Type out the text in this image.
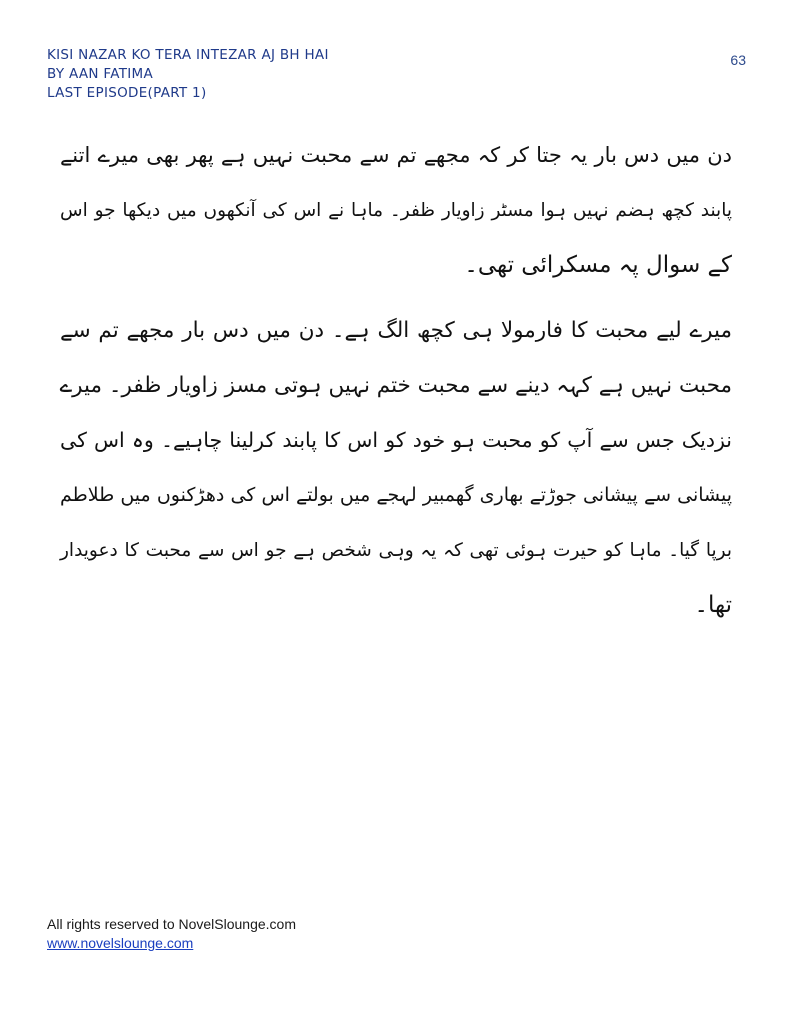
KISI NAZAR KO TERA INTEZAR AJ BH HAI
BY AAN FATIMA
LAST EPISODE(PART 1)
63

دن میں دس بار یہ جتا کر کہ مجھے تم سے محبت نہیں ہے پھر بھی میرے اتنے
پابند کچھ ہضم نہیں ہوا مسٹر زاویار ظفر۔ ماہا نے اس کی آنکھوں میں دیکھا جو اس
کے سوال پہ مسکرائی تھی۔

میرے لیے محبت کا فارمولا ہی کچھ الگ ہے۔ دن میں دس بار مجھے تم سے
محبت نہیں ہے کہہ دینے سے محبت ختم نہیں ہوتی مسز زاویار ظفر۔ میرے
نزدیک جس سے آپ کو محبت ہو خود کو اس کا پابند کرلینا چاہیے۔ وہ اس کی
پیشانی سے پیشانی جوڑتے بھاری گھمبیر لہجے میں بولتے اس کی دھڑکنوں میں طلاطم
برپا گیا۔ ماہا کو حیرت ہوئی تھی کہ یہ وہی شخص ہے جو اس سے محبت کا دعویدار
تھا۔

All rights reserved to NovelSlounge.com
www.novelslounge.com
